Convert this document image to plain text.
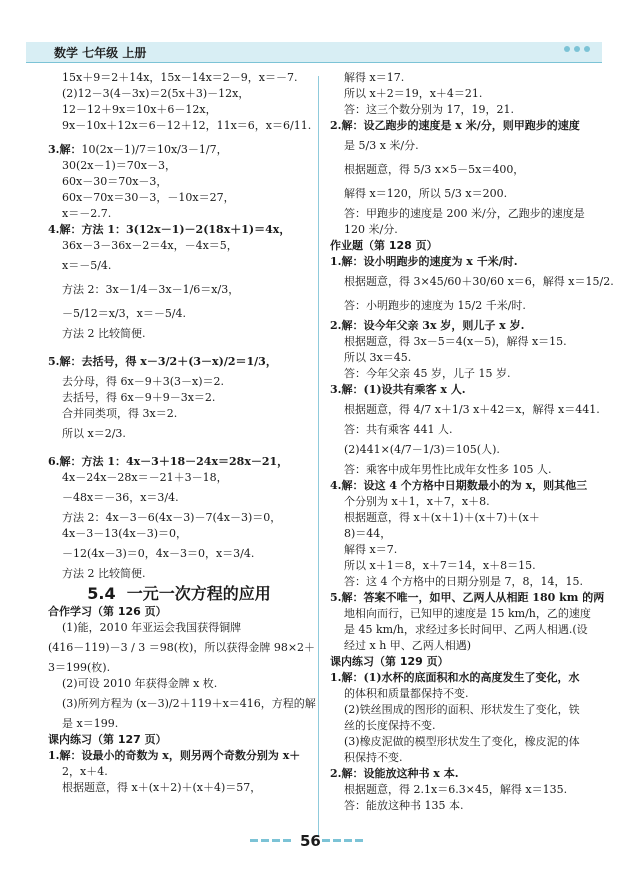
数学 七年级 上册
15x＋9＝2＋14x，15x－14x＝2－9，x＝－7.
(2)12－3(4－3x)＝2(5x＋3)－12x，
12－12＋9x＝10x＋6－12x，
9x－10x＋12x＝6－12＋12，11x＝6，x＝6/11.
3.解：10(2x－1)/7＝10x/3－1/7，
30(2x－1)＝70x－3，
60x－30＝70x－3，
60x－70x＝30－3，－10x＝27，
x＝－2.7.
4.解：方法 1：3(12x－1)－2(18x＋1)＝4x，
36x－3－36x－2＝4x，－4x＝5，
x＝－5/4.
方法 2：3x－1/4－3x－1/6＝x/3，
－5/12＝x/3，x＝－5/4.
方法 2 比较简便.
5.解：去括号，得 x－3/2＋(3－x)/2＝1/3，
去分母，得 6x－9＋3(3－x)＝2.
去括号，得 6x－9＋9－3x＝2.
合并同类项，得 3x＝2.
所以 x＝2/3.
6.解：方法 1：4x－3＋18－24x＝28x－21，
4x－24x－28x＝－21＋3－18，
－48x＝－36，x＝3/4.
方法 2：4x－3－6(4x－3)－7(4x－3)＝0，
4x－3－13(4x－3)＝0，
－12(4x－3)＝0，4x－3＝0，x＝3/4.
方法 2 比较简便.
5.4 一元一次方程的应用
合作学习（第 126 页）
(1)能，2010 年亚运会我国获得铜牌
(416－119)－3 / 3 ＝98(枚)，所以获得金牌 98×2＋
3＝199(枚).
(2)可设 2010 年获得金牌 x 枚.
(3)所列方程为 (x－3)/2＋119＋x＝416，方程的解
是 x＝199.
课内练习（第 127 页）
1.解：设最小的奇数为 x，则另两个奇数分别为 x＋
2，x＋4.
根据题意，得 x＋(x＋2)＋(x＋4)＝57，
解得 x＝17.
所以 x＋2＝19，x＋4＝21.
答：这三个数分别为 17，19，21.
2.解：设乙跑步的速度是 x 米/分，则甲跑步的速度
是 5/3 x 米/分.
根据题意，得 5/3 x×5－5x＝400，
解得 x＝120，所以 5/3 x＝200.
答：甲跑步的速度是 200 米/分，乙跑步的速度是
120 米/分.
作业题（第 128 页）
1.解：设小明跑步的速度为 x 千米/时.
根据题意，得 3×45/60＋30/60 x＝6，解得 x＝15/2.
答：小明跑步的速度为 15/2 千米/时.
2.解：设今年父亲 3x 岁，则儿子 x 岁.
根据题意，得 3x－5＝4(x－5)，解得 x＝15.
所以 3x＝45.
答：今年父亲 45 岁，儿子 15 岁.
3.解：(1)设共有乘客 x 人.
根据题意，得 4/7 x＋1/3 x＋42＝x，解得 x＝441.
答：共有乘客 441 人.
(2)441×(4/7－1/3)＝105(人).
答：乘客中成年男性比成年女性多 105 人.
4.解：设这 4 个方格中日期数最小的为 x，则其他三
个分别为 x＋1，x＋7，x＋8.
根据题意，得 x＋(x＋1)＋(x＋7)＋(x＋
8)＝44，
解得 x＝7.
所以 x＋1＝8，x＋7＝14，x＋8＝15.
答：这 4 个方格中的日期分别是 7，8，14，15.
5.解：答案不唯一，如甲、乙两人从相距 180 km 的两
地相向而行，已知甲的速度是 15 km/h，乙的速度
是 45 km/h，求经过多长时间甲、乙两人相遇.(设
经过 x h 甲、乙两人相遇)
课内练习（第 129 页）
1.解：(1)水杯的底面积和水的高度发生了变化，水
的体积和质量都保持不变.
(2)铁丝围成的图形的面积、形状发生了变化，铁
丝的长度保持不变.
(3)橡皮泥做的模型形状发生了变化，橡皮泥的体
积保持不变.
2.解：设能放这种书 x 本.
根据题意，得 2.1x＝6.3×45，解得 x＝135.
答：能放这种书 135 本.
56
